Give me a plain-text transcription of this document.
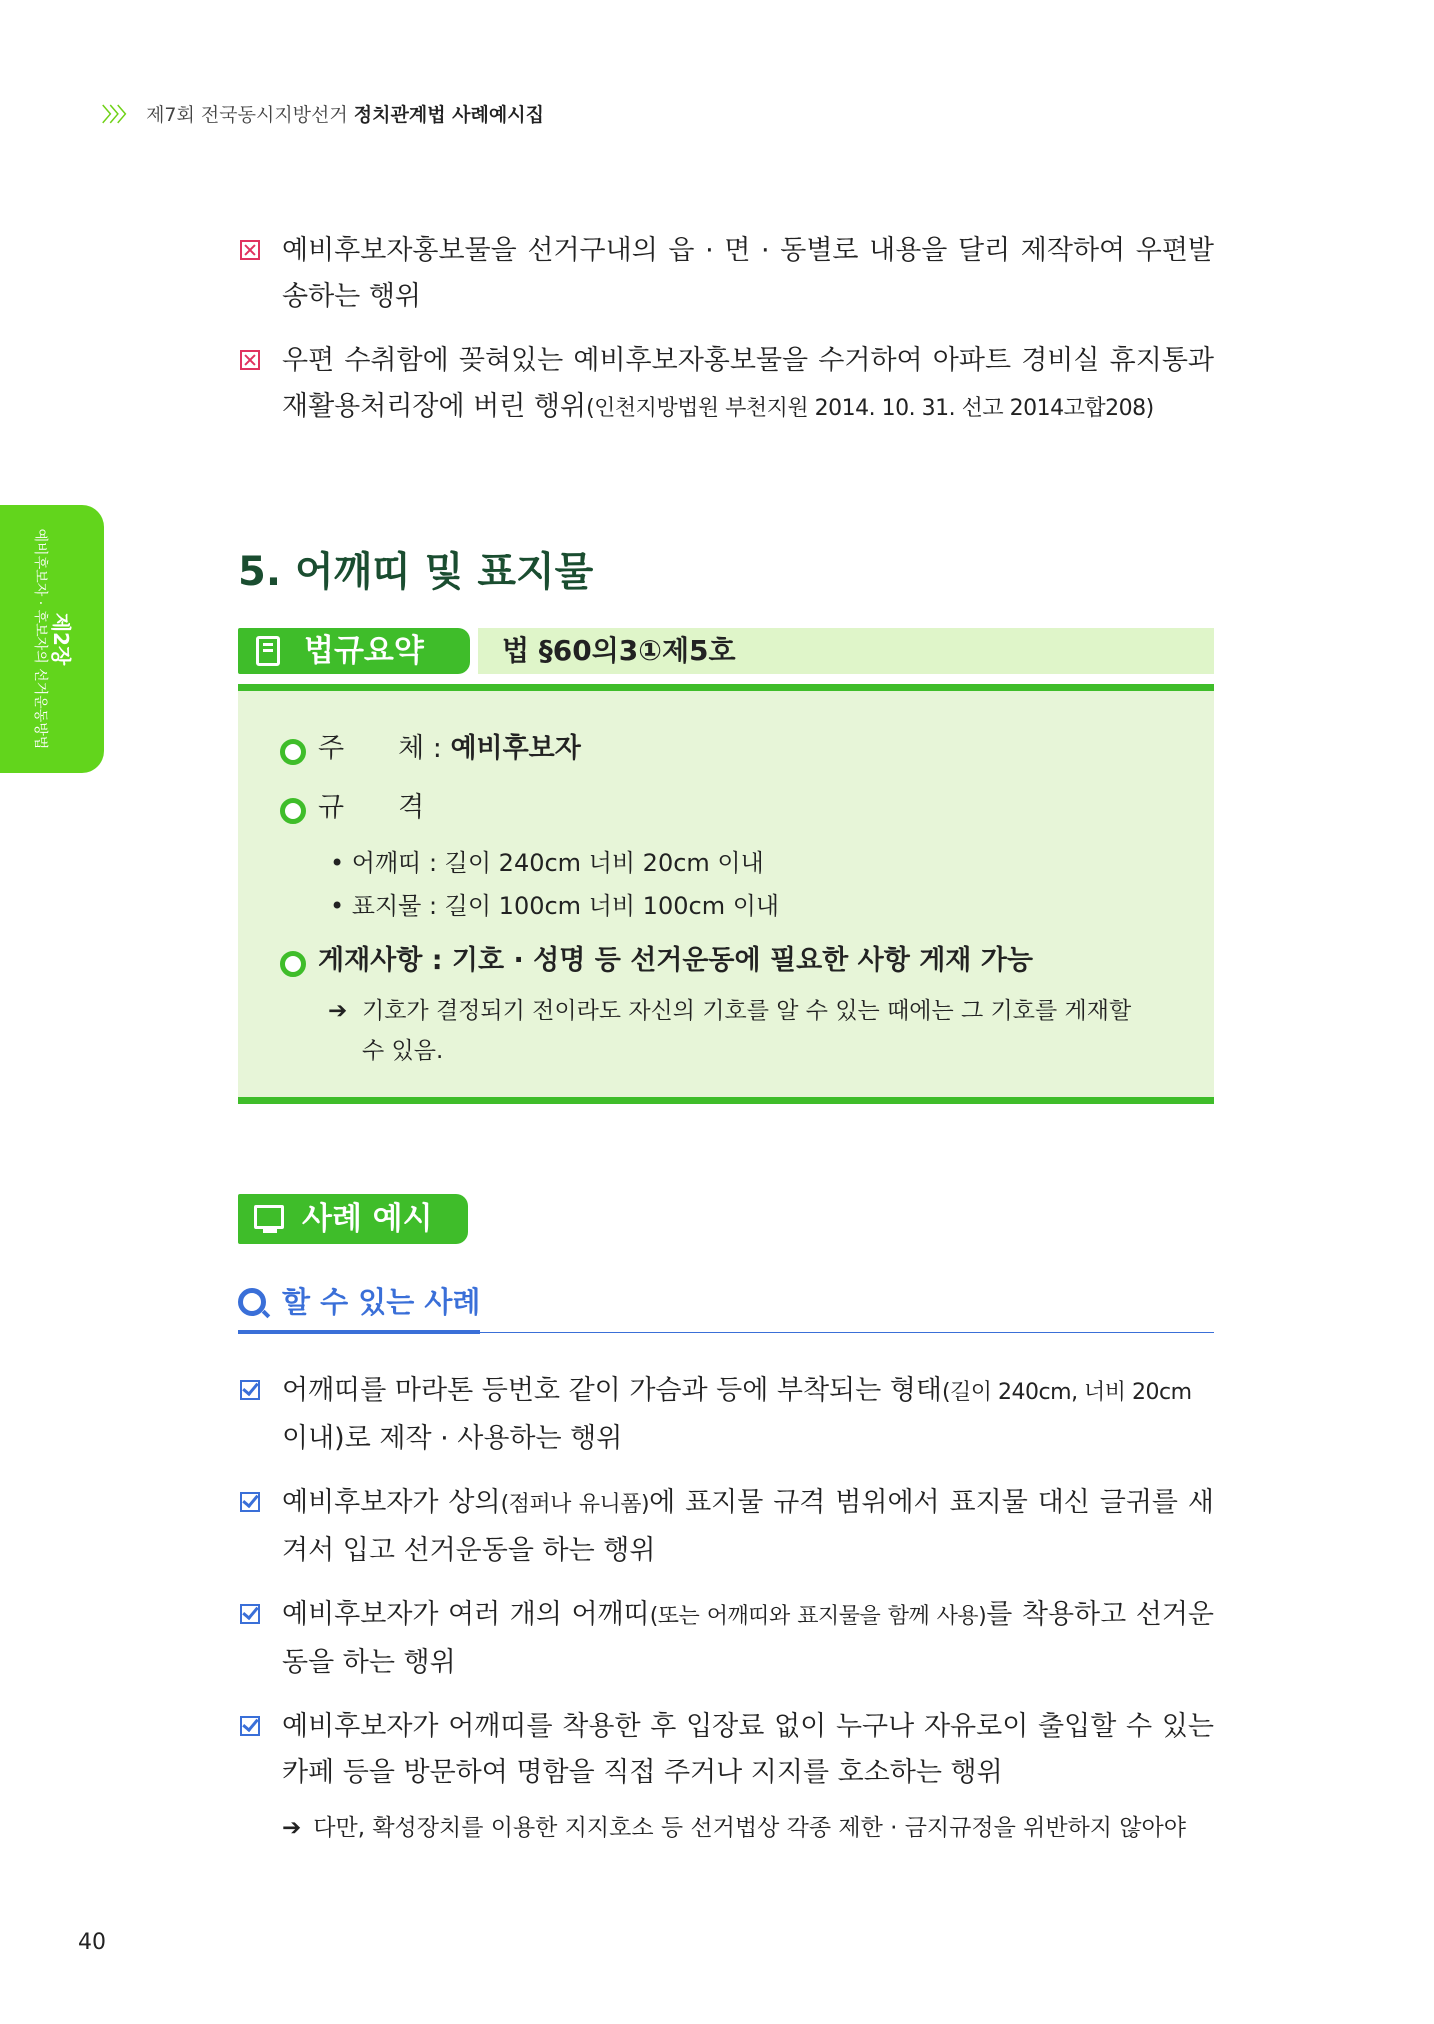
〉〉〉 제7회 전국동시지방선거 정치관계법 사례예시집
제2장
예비후보자 · 후보자의 선거운동방법
예비후보자홍보물을 선거구내의 읍 · 면 · 동별로 내용을 달리 제작하여 우편발송하는 행위
우편 수취함에 꽂혀있는 예비후보자홍보물을 수거하여 아파트 경비실 휴지통과 재활용처리장에 버린 행위(인천지방법원 부천지원 2014. 10. 31. 선고 2014고합208)
5. 어깨띠 및 표지물
법규요약	법 §60의3①제5호
주　　체 : 예비후보자
규　　격
• 어깨띠 : 길이 240cm 너비 20cm 이내
• 표지물 : 길이 100cm 너비 100cm 이내
게재사항 : 기호 · 성명 등 선거운동에 필요한 사항 게재 가능
➔ 기호가 결정되기 전이라도 자신의 기호를 알 수 있는 때에는 그 기호를 게재할 수 있음.
사례 예시
할 수 있는 사례
어깨띠를 마라톤 등번호 같이 가슴과 등에 부착되는 형태(길이 240cm, 너비 20cm
이내)로 제작 · 사용하는 행위
예비후보자가 상의(점퍼나 유니폼)에 표지물 규격 범위에서 표지물 대신 글귀를 새겨서 입고 선거운동을 하는 행위
예비후보자가 여러 개의 어깨띠(또는 어깨띠와 표지물을 함께 사용)를 착용하고 선거운동을 하는 행위
예비후보자가 어깨띠를 착용한 후 입장료 없이 누구나 자유로이 출입할 수 있는 카페 등을 방문하여 명함을 직접 주거나 지지를 호소하는 행위
➔ 다만, 확성장치를 이용한 지지호소 등 선거법상 각종 제한 · 금지규정을 위반하지 않아야
40
